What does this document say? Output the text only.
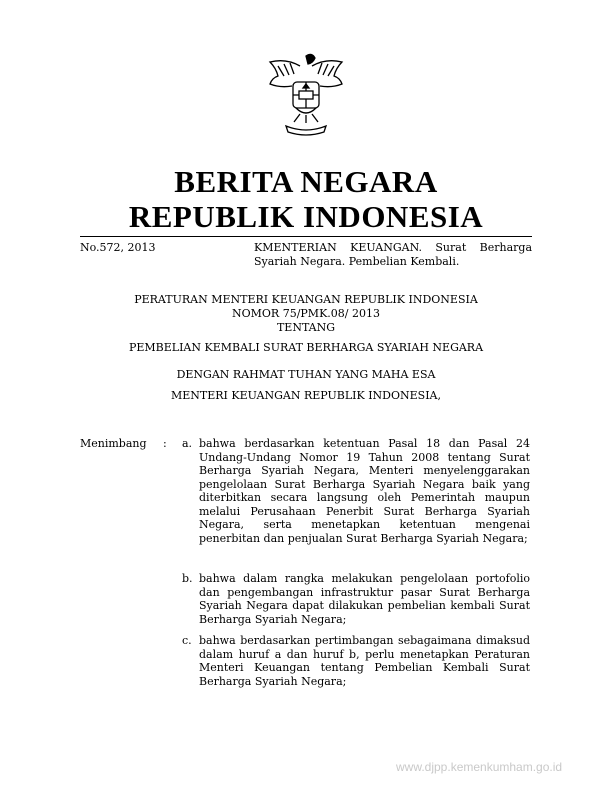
BERITA NEGARA
REPUBLIK INDONESIA
No.572, 2013	KMENTERIAN KEUANGAN. Surat Berharga Syariah Negara. Pembelian Kembali.
PERATURAN MENTERI KEUANGAN REPUBLIK INDONESIA
NOMOR 75/PMK.08/ 2013
TENTANG
PEMBELIAN KEMBALI SURAT BERHARGA SYARIAH NEGARA
DENGAN RAHMAT TUHAN YANG MAHA ESA
MENTERI KEUANGAN REPUBLIK INDONESIA,
Menimbang : a. bahwa berdasarkan ketentuan Pasal 18 dan Pasal 24 Undang-Undang Nomor 19 Tahun 2008 tentang Surat Berharga Syariah Negara, Menteri menyelenggarakan pengelolaan Surat Berharga Syariah Negara baik yang diterbitkan secara langsung oleh Pemerintah maupun melalui Perusahaan Penerbit Surat Berharga Syariah Negara, serta menetapkan ketentuan mengenai penerbitan dan penjualan Surat Berharga Syariah Negara;
b. bahwa dalam rangka melakukan pengelolaan portofolio dan pengembangan infrastruktur pasar Surat Berharga Syariah Negara dapat dilakukan pembelian kembali Surat Berharga Syariah Negara;
c. bahwa berdasarkan pertimbangan sebagaimana dimaksud dalam huruf a dan huruf b, perlu menetapkan Peraturan Menteri Keuangan tentang Pembelian Kembali Surat Berharga Syariah Negara;
www.djpp.kemenkumham.go.id
